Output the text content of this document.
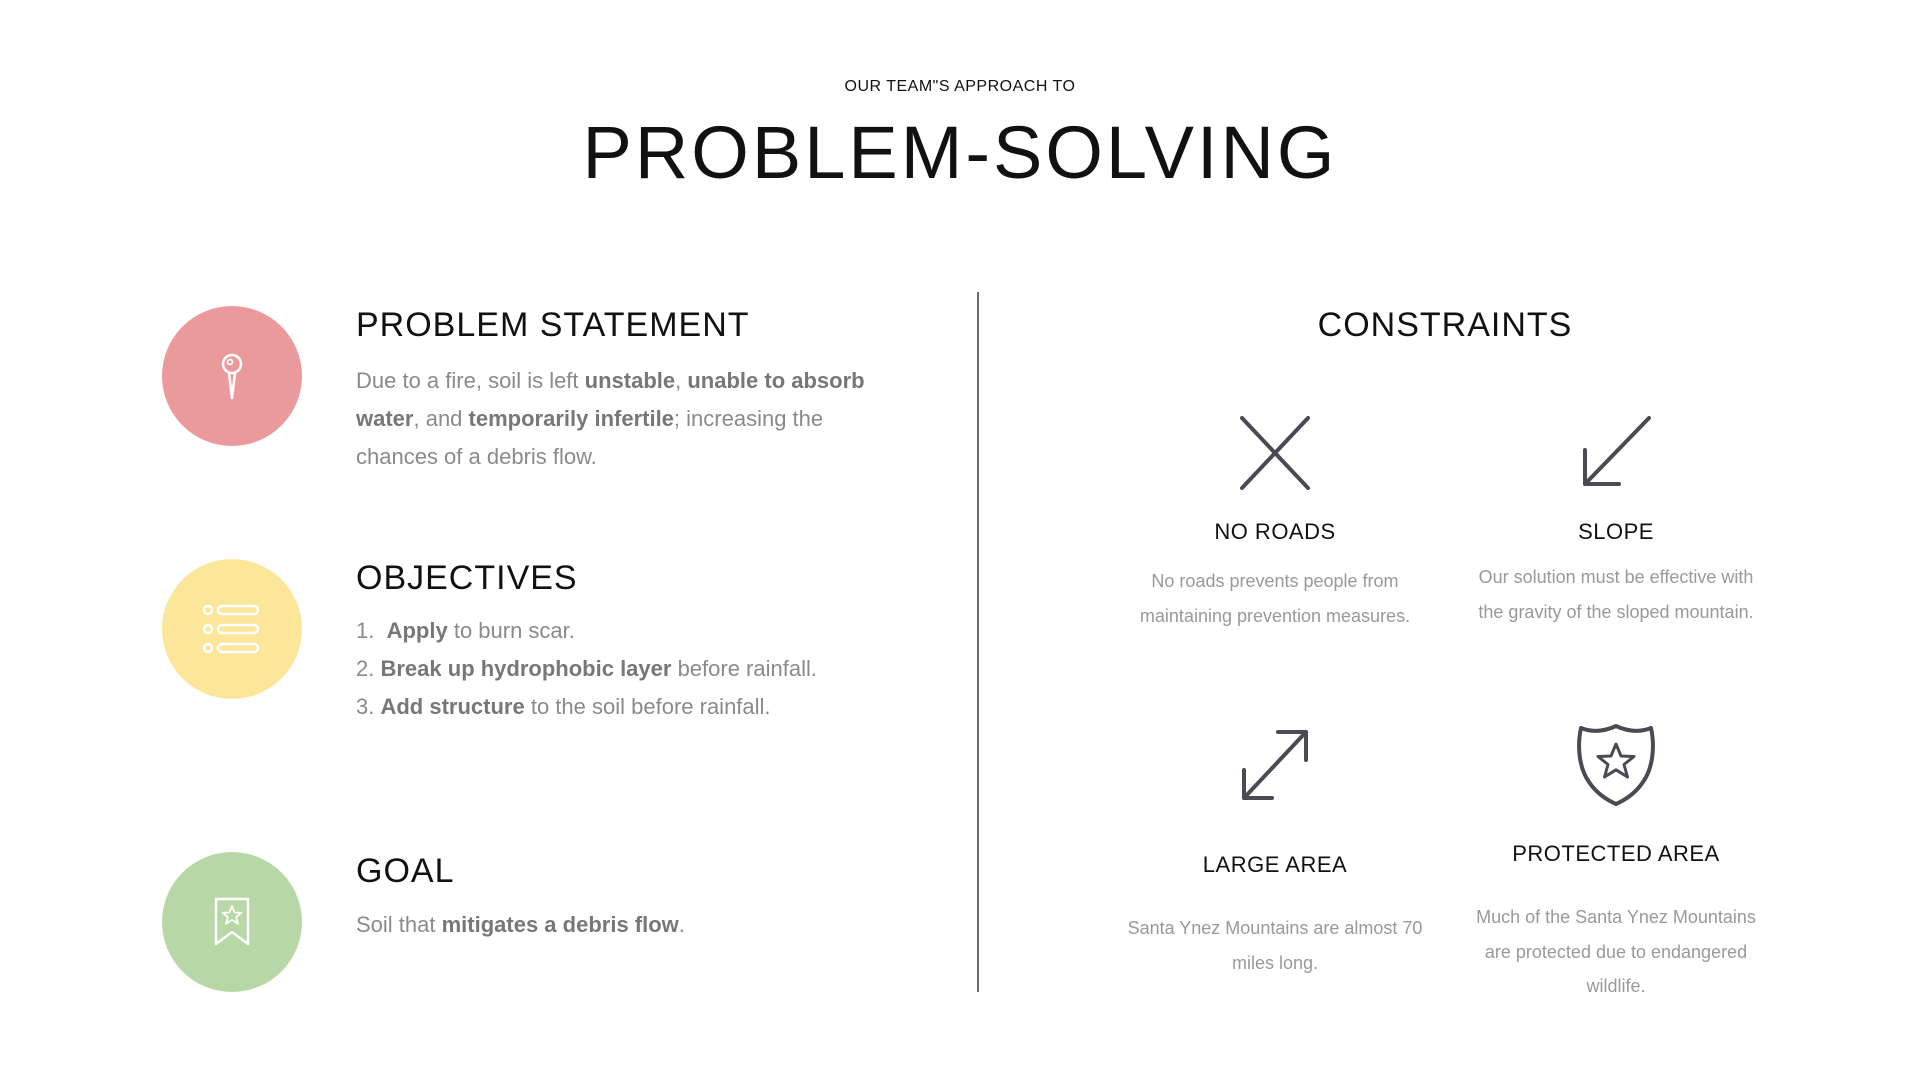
OUR TEAM"S APPROACH TO
PROBLEM-SOLVING
PROBLEM STATEMENT
Due to a fire, soil is left unstable, unable to absorb water, and temporarily infertile; increasing the chances of a debris flow.
OBJECTIVES
1. Apply to burn scar.
2. Break up hydrophobic layer before rainfall.
3. Add structure to the soil before rainfall.
GOAL
Soil that mitigates a debris flow.
CONSTRAINTS
NO ROADS
No roads prevents people from maintaining prevention measures.
SLOPE
Our solution must be effective with the gravity of the sloped mountain.
LARGE AREA
Santa Ynez Mountains are almost 70 miles long.
PROTECTED AREA
Much of the Santa Ynez Mountains are protected due to endangered wildlife.
